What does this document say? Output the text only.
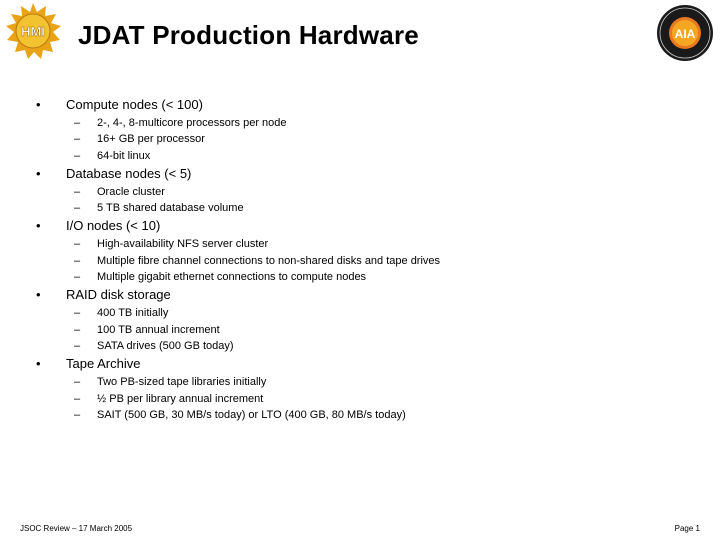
HMI	AIA
JDAT Production Hardware
• Compute nodes (< 100)
– 2-, 4-, 8-multicore processors per node
– 16+ GB per processor
– 64-bit linux
• Database nodes (< 5)
– Oracle cluster
– 5 TB shared database volume
• I/O nodes (< 10)
– High-availability NFS server cluster
– Multiple fibre channel connections to non-shared disks and tape drives
– Multiple gigabit ethernet connections to compute nodes
• RAID disk storage
– 400 TB initially
– 100 TB annual increment
– SATA drives (500 GB today)
• Tape Archive
– Two PB-sized tape libraries initially
– ½ PB per library annual increment
– SAIT (500 GB, 30 MB/s today) or LTO (400 GB, 80 MB/s today)
JSOC Review – 17 March 2005	Page 1
